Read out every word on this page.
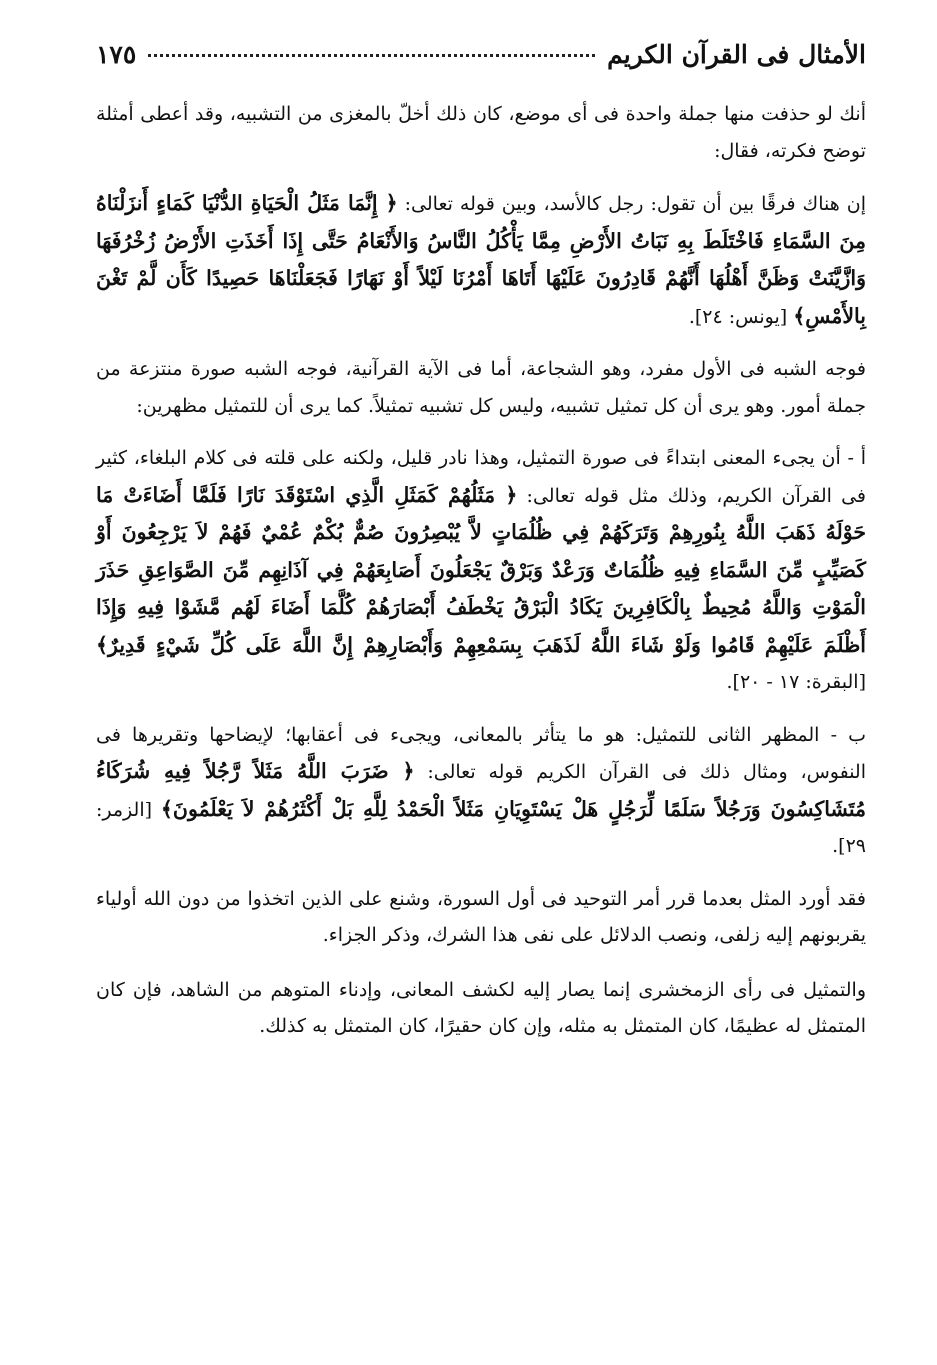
الأمثال فى القرآن الكريم
١٧٥

أنك لو حذفت منها جملة واحدة فى أى موضع، كان ذلك أخلّ بالمغزى من التشبيه، وقد أعطى أمثلة توضح فكرته، فقال:

إن هناك فرقًا بين أن تقول: رجل كالأسد، وبين قوله تعالى: ﴿ إِنَّمَا مَثَلُ الْحَيَاةِ الدُّنْيَا كَمَاءٍ أَنزَلْنَاهُ مِنَ السَّمَاءِ فَاخْتَلَطَ بِهِ نَبَاتُ الأَرْضِ مِمَّا يَأْكُلُ النَّاسُ وَالأَنْعَامُ حَتَّى إِذَا أَخَذَتِ الأَرْضُ زُخْرُفَهَا وَازَّيَّنَتْ وَظَنَّ أَهْلُهَا أَنَّهُمْ قَادِرُونَ عَلَيْهَا أَتَاهَا أَمْرُنَا لَيْلاً أَوْ نَهَارًا فَجَعَلْنَاهَا حَصِيدًا كَأَن لَّمْ تَغْنَ بِالأَمْسِ﴾ [يونس: ٢٤].

فوجه الشبه فى الأول مفرد، وهو الشجاعة، أما فى الآية القرآنية، فوجه الشبه صورة منتزعة من جملة أمور. وهو يرى أن كل تمثيل تشبيه، وليس كل تشبيه تمثيلاً. كما يرى أن للتمثيل مظهرين:

أ - أن يجىء المعنى ابتداءً فى صورة التمثيل، وهذا نادر قليل، ولكنه على قلته فى كلام البلغاء، كثير فى القرآن الكريم، وذلك مثل قوله تعالى: ﴿ مَثَلُهُمْ كَمَثَلِ الَّذِي اسْتَوْقَدَ نَارًا فَلَمَّا أَضَاءَتْ مَا حَوْلَهُ ذَهَبَ اللَّهُ بِنُورِهِمْ وَتَرَكَهُمْ فِي ظُلُمَاتٍ لاَّ يُبْصِرُونَ صُمٌّ بُكْمٌ عُمْيٌ فَهُمْ لاَ يَرْجِعُونَ أَوْ كَصَيِّبٍ مِّنَ السَّمَاءِ فِيهِ ظُلُمَاتٌ وَرَعْدٌ وَبَرْقٌ يَجْعَلُونَ أَصَابِعَهُمْ فِي آذَانِهِم مِّنَ الصَّوَاعِقِ حَذَرَ الْمَوْتِ وَاللَّهُ مُحِيطٌ بِالْكَافِرِينَ يَكَادُ الْبَرْقُ يَخْطَفُ أَبْصَارَهُمْ كُلَّمَا أَضَاءَ لَهُم مَّشَوْا فِيهِ وَإِذَا أَظْلَمَ عَلَيْهِمْ قَامُوا وَلَوْ شَاءَ اللَّهُ لَذَهَبَ بِسَمْعِهِمْ وَأَبْصَارِهِمْ إِنَّ اللَّهَ عَلَى كُلِّ شَيْءٍ قَدِيرٌ﴾ [البقرة: ١٧ - ٢٠].

ب - المظهر الثانى للتمثيل: هو ما يتأثر بالمعانى، ويجىء فى أعقابها؛ لإيضاحها وتقريرها فى النفوس، ومثال ذلك فى القرآن الكريم قوله تعالى: ﴿ ضَرَبَ اللَّهُ مَثَلاً رَّجُلاً فِيهِ شُرَكَاءُ مُتَشَاكِسُونَ وَرَجُلاً سَلَمًا لِّرَجُلٍ هَلْ يَسْتَوِيَانِ مَثَلاً الْحَمْدُ لِلَّهِ بَلْ أَكْثَرُهُمْ لاَ يَعْلَمُونَ﴾ [الزمر: ٢٩].

فقد أورد المثل بعدما قرر أمر التوحيد فى أول السورة، وشنع على الذين اتخذوا من دون الله أولياء يقربونهم إليه زلفى، ونصب الدلائل على نفى هذا الشرك، وذكر الجزاء.

والتمثيل فى رأى الزمخشرى إنما يصار إليه لكشف المعانى، وإدناء المتوهم من الشاهد، فإن كان المتمثل له عظيمًا، كان المتمثل به مثله، وإن كان حقيرًا، كان المتمثل به كذلك.
